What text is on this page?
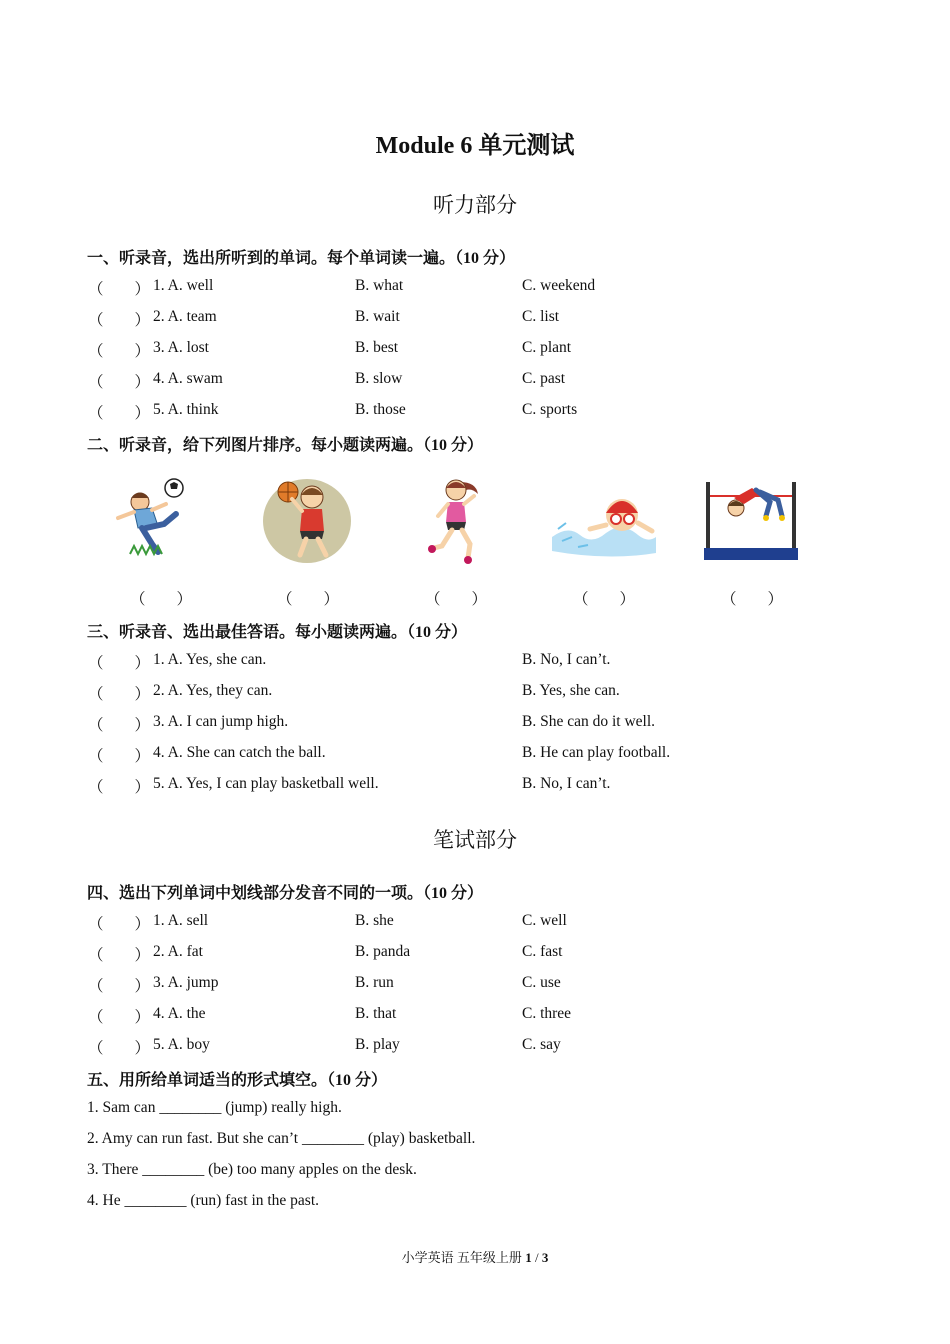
Module 6 单元测试
听力部分
一、听录音，选出所听到的单词。每个单词读一遍。（10 分）
（　　） 1. A. well	B. what	C. weekend
（　　） 2. A. team	B. wait	C. list
（　　） 3. A. lost	B. best	C. plant
（　　） 4. A. swam	B. slow	C. past
（　　） 5. A. think	B. those	C. sports
二、听录音，给下列图片排序。每小题读两遍。（10 分）
（　　）	（　　）	（　　）	（　　）	（　　）
三、听录音、选出最佳答语。每小题读两遍。（10 分）
（　　） 1. A. Yes, she can.	B. No, I can’t.
（　　） 2. A. Yes, they can.	B. Yes, she can.
（　　） 3. A. I can jump high.	B. She can do it well.
（　　） 4. A. She can catch the ball.	B. He can play football.
（　　） 5. A. Yes, I can play basketball well.	B. No, I can’t.
笔试部分
四、选出下列单词中划线部分发音不同的一项。（10 分）
（　　） 1. A. sell	B. she	C. well
（　　） 2. A. fat	B. panda	C. fast
（　　） 3. A. jump	B. run	C. use
（　　） 4. A. the	B. that	C. three
（　　） 5. A. boy	B. play	C. say
五、用所给单词适当的形式填空。（10 分）
1. Sam can ________ (jump) really high.
2. Amy can run fast. But she can’t ________ (play) basketball.
3. There ________ (be) too many apples on the desk.
4. He ________ (run) fast in the past.
小学英语 五年级上册 1 / 3
